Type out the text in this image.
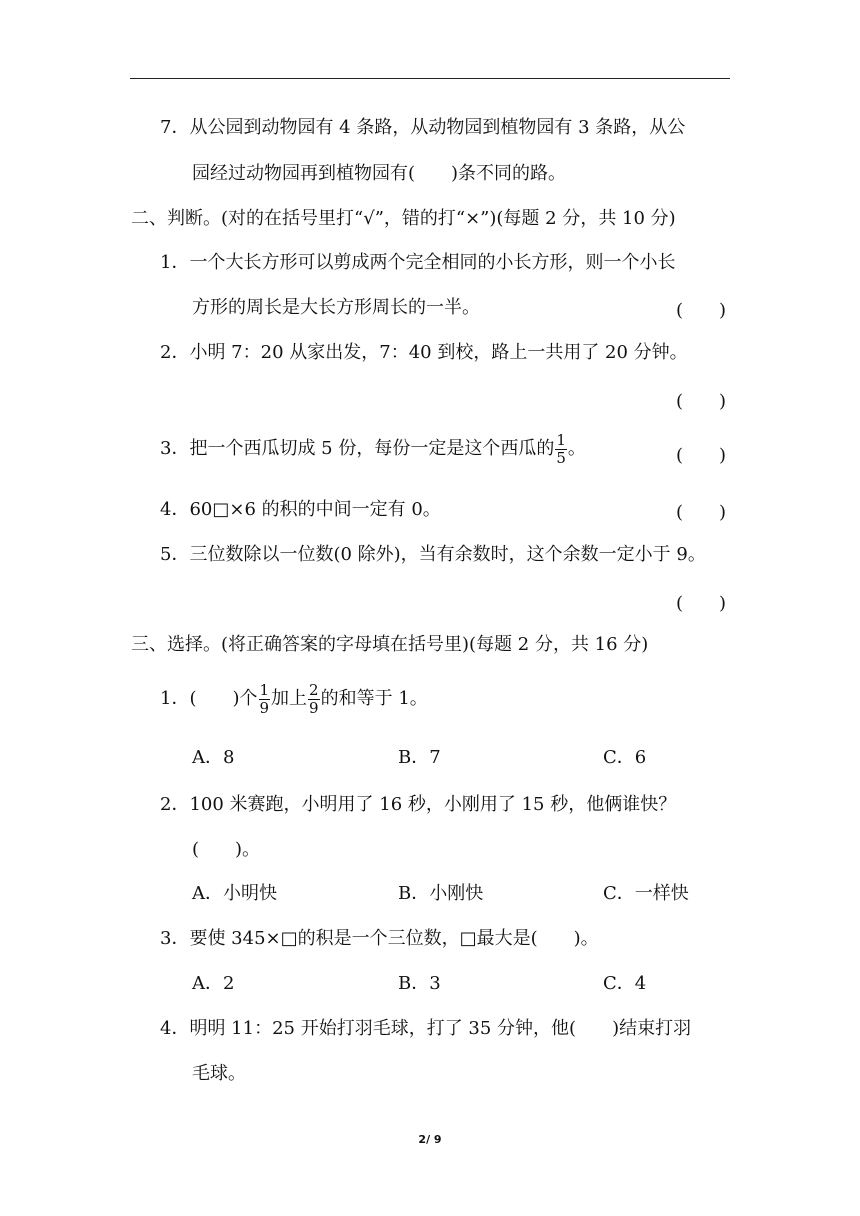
7．从公园到动物园有 4 条路，从动物园到植物园有 3 条路，从公
园经过动物园再到植物园有(　　)条不同的路。
二、判断。(对的在括号里打“√”，错的打“×”)(每题 2 分，共 10 分)
1．一个大长方形可以剪成两个完全相同的小长方形，则一个小长
方形的周长是大长方形周长的一半。	(　　)
2．小明 7：20 从家出发，7：40 到校，路上一共用了 20 分钟。
(　　)
3．把一个西瓜切成 5 份，每份一定是这个西瓜的 $\frac{1}{5}$ 。	(　　)
4．60□×6 的积的中间一定有 0。	(　　)
5．三位数除以一位数(0 除外)，当有余数时，这个余数一定小于 9。
(　　)
三、选择。(将正确答案的字母填在括号里)(每题 2 分，共 16 分)
1．(　　)个 $\frac{1}{9}$ 加上 $\frac{2}{9}$ 的和等于 1。
A．8	B．7	C．6
2．100 米赛跑，小明用了 16 秒，小刚用了 15 秒，他俩谁快？
(　　)。
A．小明快	B．小刚快	C．一样快
3．要使 345×□的积是一个三位数，□最大是(　　)。
A．2	B．3	C．4
4．明明 11：25 开始打羽毛球，打了 35 分钟，他(　　)结束打羽
毛球。
2/ 9
